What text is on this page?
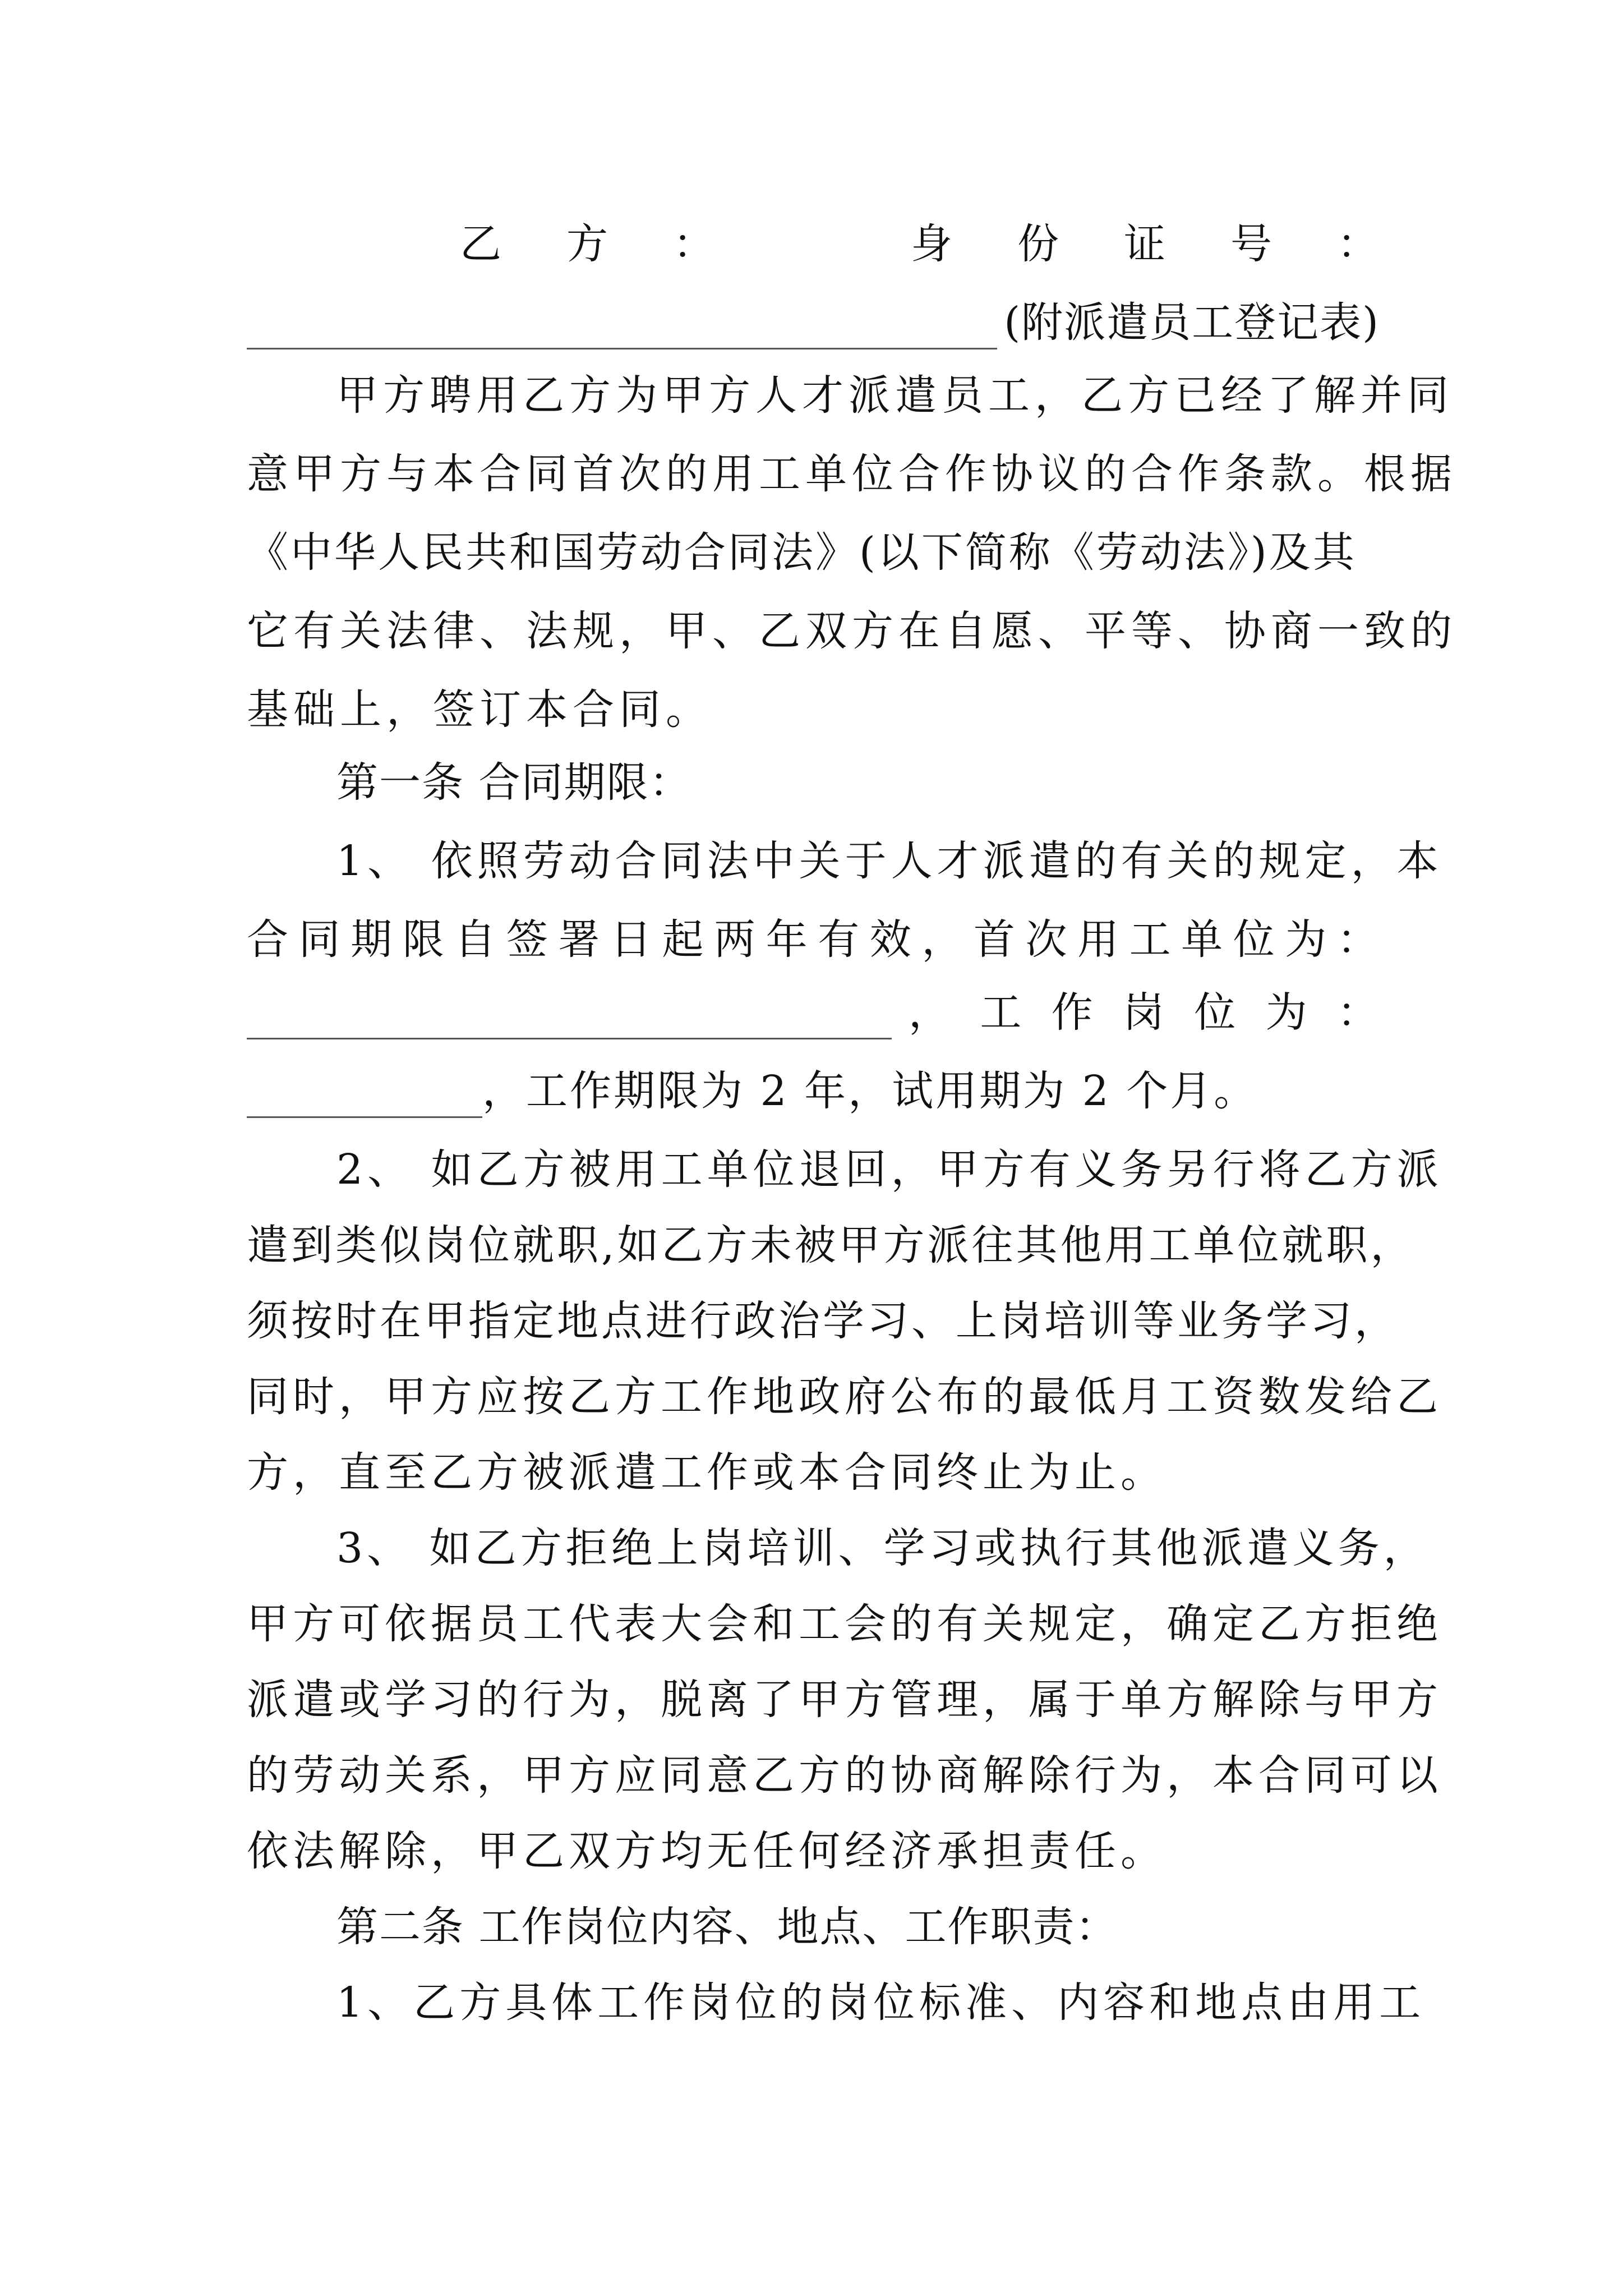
乙 方 ：	身 份 证 号 ：
(附派遣员工登记表)
甲方聘用乙方为甲方人才派遣员工，乙方已经了解并同
意甲方与本合同首次的用工单位合作协议的合作条款。根据
《中华人民共和国劳动合同法》(以下简称《劳动法》)及其
它有关法律、法规，甲、乙双方在自愿、平等、协商一致的
基础上，签订本合同。
第一条 合同期限：
1、 依照劳动合同法中关于人才派遣的有关的规定，本
合 同 期 限 自 签 署 日 起 两 年 有 效 ， 首 次 用 工 单 位 为 ：
， 工 作 岗 位 为 ：
，工作期限为 2 年，试用期为 2 个月。
2、 如乙方被用工单位退回，甲方有义务另行将乙方派
遣到类似岗位就职,如乙方未被甲方派往其他用工单位就职，
须按时在甲指定地点进行政治学习、上岗培训等业务学习，
同时，甲方应按乙方工作地政府公布的最低月工资数发给乙
方，直至乙方被派遣工作或本合同终止为止。
3、 如乙方拒绝上岗培训、学习或执行其他派遣义务，
甲方可依据员工代表大会和工会的有关规定，确定乙方拒绝
派遣或学习的行为，脱离了甲方管理，属于单方解除与甲方
的劳动关系，甲方应同意乙方的协商解除行为，本合同可以
依法解除，甲乙双方均无任何经济承担责任。
第二条 工作岗位内容、地点、工作职责：
1、乙方具体工作岗位的岗位标准、内容和地点由用工
